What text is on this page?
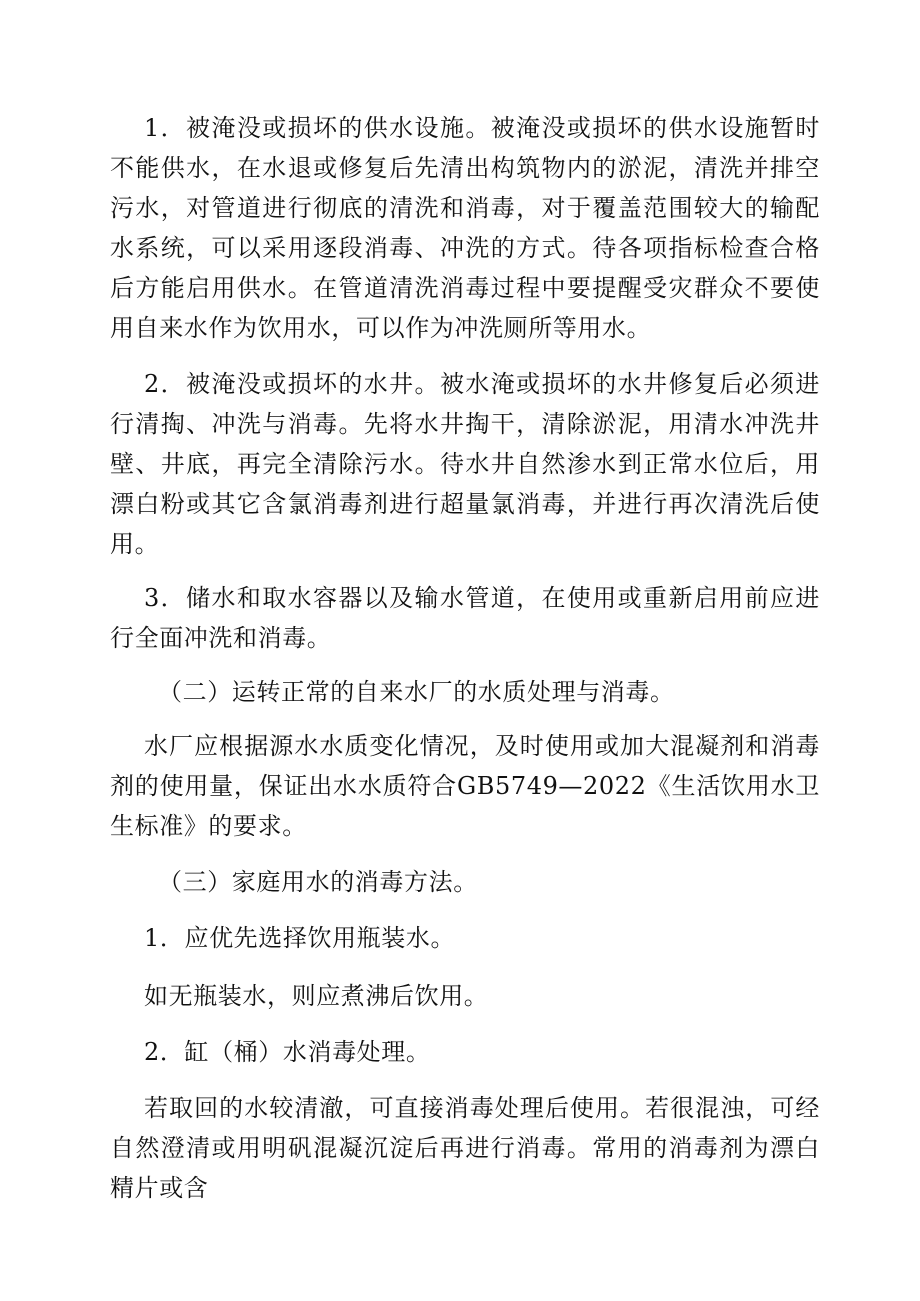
1．被淹没或损坏的供水设施。被淹没或损坏的供水设施暂时不能供水，在水退或修复后先清出构筑物内的淤泥，清洗并排空污水，对管道进行彻底的清洗和消毒，对于覆盖范围较大的输配水系统，可以采用逐段消毒、冲洗的方式。待各项指标检查合格后方能启用供水。在管道清洗消毒过程中要提醒受灾群众不要使用自来水作为饮用水，可以作为冲洗厕所等用水。

2．被淹没或损坏的水井。被水淹或损坏的水井修复后必须进行清掏、冲洗与消毒。先将水井掏干，清除淤泥，用清水冲洗井壁、井底，再完全清除污水。待水井自然渗水到正常水位后，用漂白粉或其它含氯消毒剂进行超量氯消毒，并进行再次清洗后使用。

3．储水和取水容器以及输水管道，在使用或重新启用前应进行全面冲洗和消毒。

（二）运转正常的自来水厂的水质处理与消毒。

水厂应根据源水水质变化情况，及时使用或加大混凝剂和消毒剂的使用量，保证出水水质符合GB5749—2022《生活饮用水卫生标准》的要求。

（三）家庭用水的消毒方法。

1．应优先选择饮用瓶装水。

如无瓶装水，则应煮沸后饮用。

2．缸（桶）水消毒处理。

若取回的水较清澈，可直接消毒处理后使用。若很混浊，可经自然澄清或用明矾混凝沉淀后再进行消毒。常用的消毒剂为漂白精片或含
